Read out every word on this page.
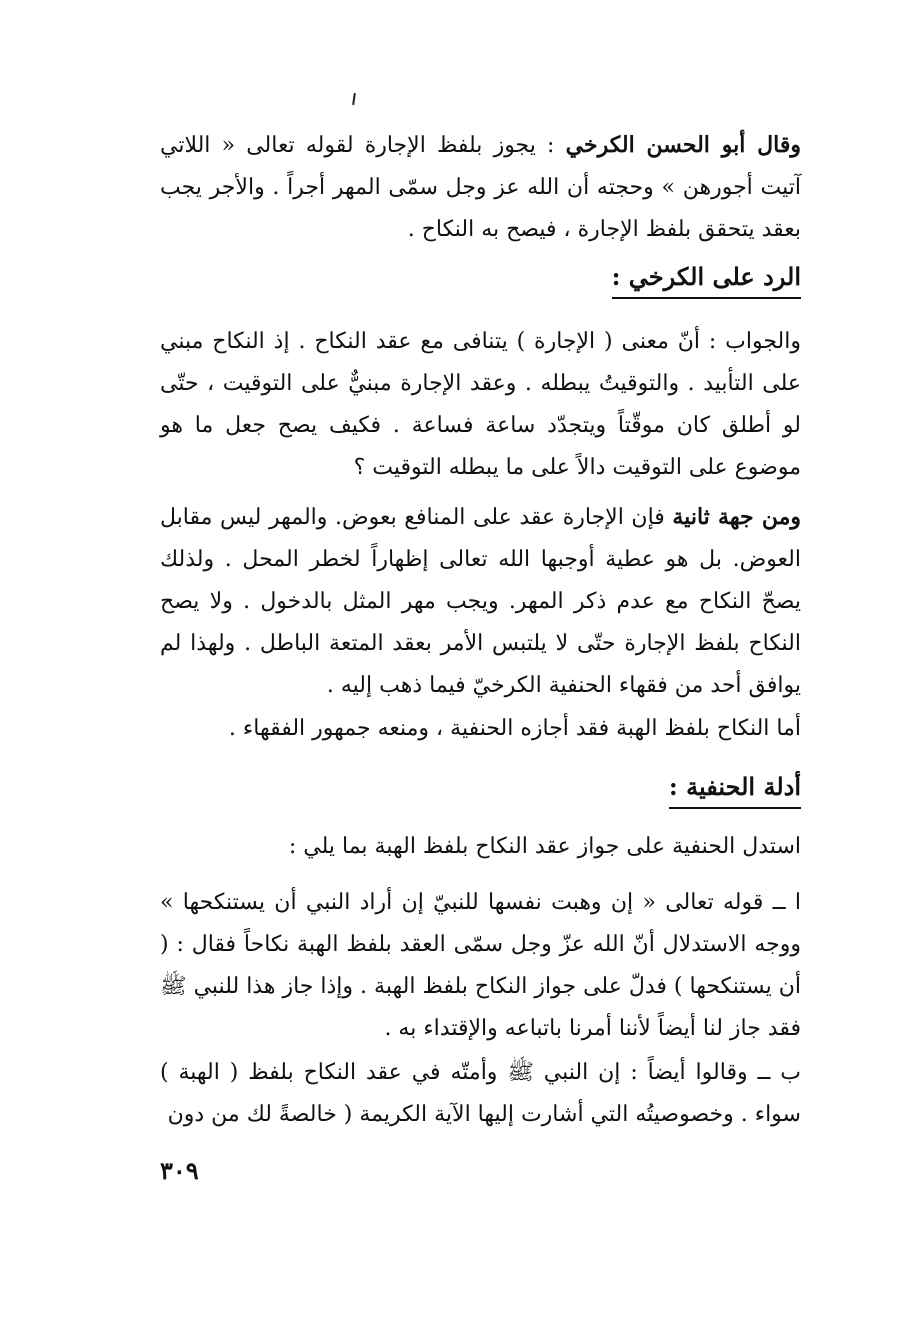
وقال أبو الحسن الكرخي : يجوز بلفظ الإجارة لقوله تعالى « اللاتي آتيت أجورهن » وحجته أن الله عز وجل سمّى المهر أجراً . والأجر يجب بعقد يتحقق بلفظ الإجارة ، فيصح به النكاح .
الرد على الكرخي :
والجواب : أنّ معنى ( الإجارة ) يتنافى مع عقد النكاح . إذ النكاح مبني على التأبيد . والتوقيتُ يبطله . وعقد الإجارة مبنيٌّ على التوقيت ، حتّى لو أطلق كان موقّتاً ويتجدّد ساعة فساعة . فكيف يصح جعل ما هو موضوع على التوقيت دالاً على ما يبطله التوقيت ؟
ومن جهة ثانية فإن الإجارة عقد على المنافع بعوض. والمهر ليس مقابل العوض. بل هو عطية أوجبها الله تعالى إظهاراً لخطر المحل . ولذلك يصحّ النكاح مع عدم ذكر المهر. ويجب مهر المثل بالدخول . ولا يصح النكاح بلفظ الإجارة حتّى لا يلتبس الأمر بعقد المتعة الباطل . ولهذا لم يوافق أحد من فقهاء الحنفية الكرخيّ فيما ذهب إليه .
أما النكاح بلفظ الهبة فقد أجازه الحنفية ، ومنعه جمهور الفقهاء .
أدلة الحنفية :
استدل الحنفية على جواز عقد النكاح بلفظ الهبة بما يلي :
ا ــ قوله تعالى « إن وهبت نفسها للنبيّ إن أراد النبي أن يستنكحها » ووجه الاستدلال أنّ الله عزّ وجل سمّى العقد بلفظ الهبة نكاحاً فقال : ( أن يستنكحها ) فدلّ على جواز النكاح بلفظ الهبة . وإذا جاز هذا للنبي ﷺ فقد جاز لنا أيضاً لأننا أمرنا باتباعه والإقتداء به .
ب ــ وقالوا أيضاً : إن النبي ﷺ وأمتّه في عقد النكاح بلفظ ( الهبة ) سواء . وخصوصيتُه التي أشارت إليها الآية الكريمة ( خالصةً لك من دون
٣٠٩
